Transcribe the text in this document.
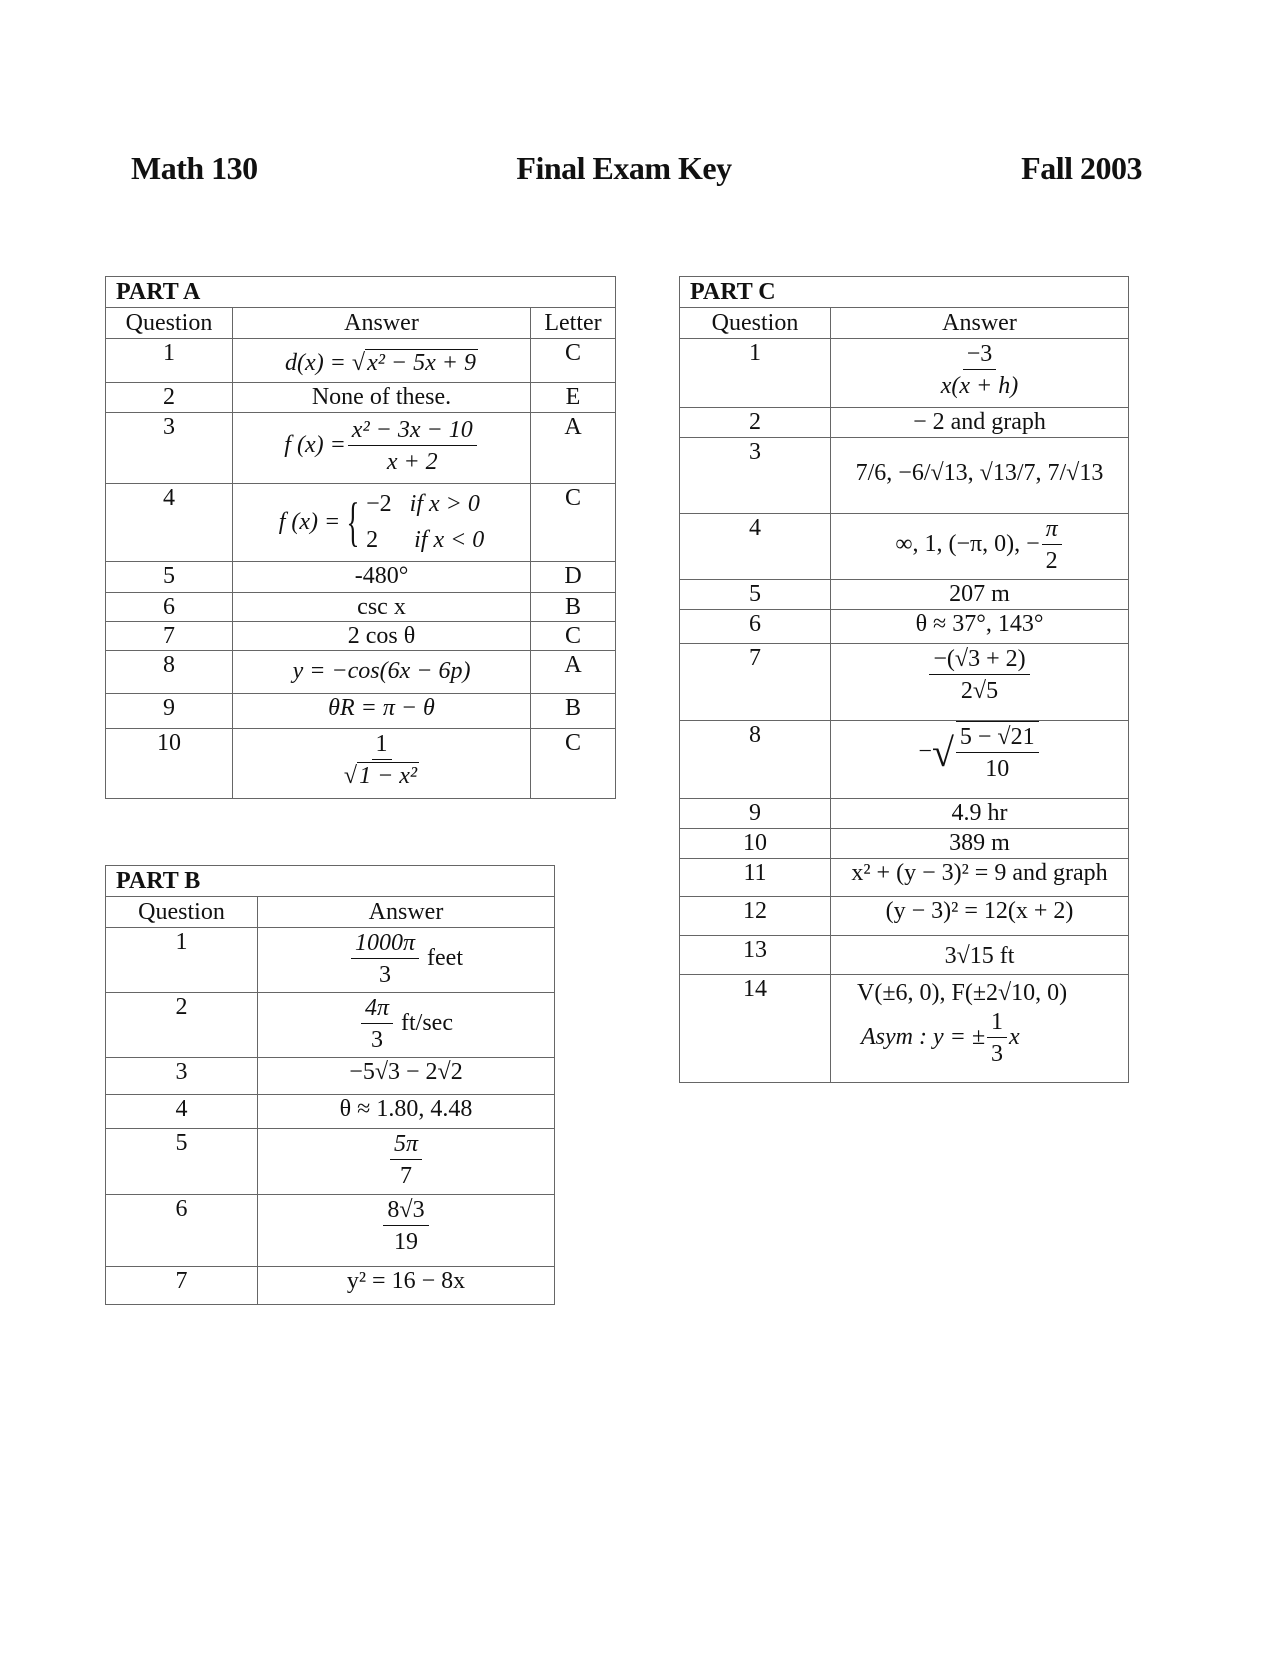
Math 130	Final Exam Key	Fall 2003
PART A		
Question	Answer	Letter
1	d(x) = √x² − 5x + 9	C
2	None of these.	E
3	f $(x) = \frac{\text{x² − 3x − 10}}{x + 2}$	A
4	f (x) = { −2 if x > 0
2 if x < 0	C
5	-480°	D
6	csc x	B
7	2 cos θ	C
8	y = −cos(6x − 6p)	A
9	θR = π − θ	B
10	$\frac{1}{\text{√1 − x²}}$	C
PART B	
Question	Answer
1	$\frac{1000\pi}{3}$ feet
2	$\frac{4\pi}{3} ft/\sec$
3	−5√3 − 2√2
4	θ ≈ 1.80, 4.48
5	$\frac{5\pi}{7}$

6	$\frac{8√3}{19}$

7	y² = 16 − 8x
PART C	
Question	Answer
1	$\frac{-3}{x(x + h)}$

2	− 2 and graph
3	7/6, −6/√13, √13/7, 7/√13
4	∞, 1, (−π, 0), − $\frac{\pi}{2}$

5	207 m
6	θ ≈ 37°, 143°
7	$\frac{-(√3 + 2)}{2√5}$

8	−√ $\frac{5 - √21}{10}$

9	4.9 hr
10	389 m
11	x² + (y − 3)² = 9 and graph
12	(y − 3)² = 12(x + 2)
13	3√15 ft
14	V(±6, 0), F(±2√10, 0)
Asym : y = ± $\frac{1}{3}$ x
